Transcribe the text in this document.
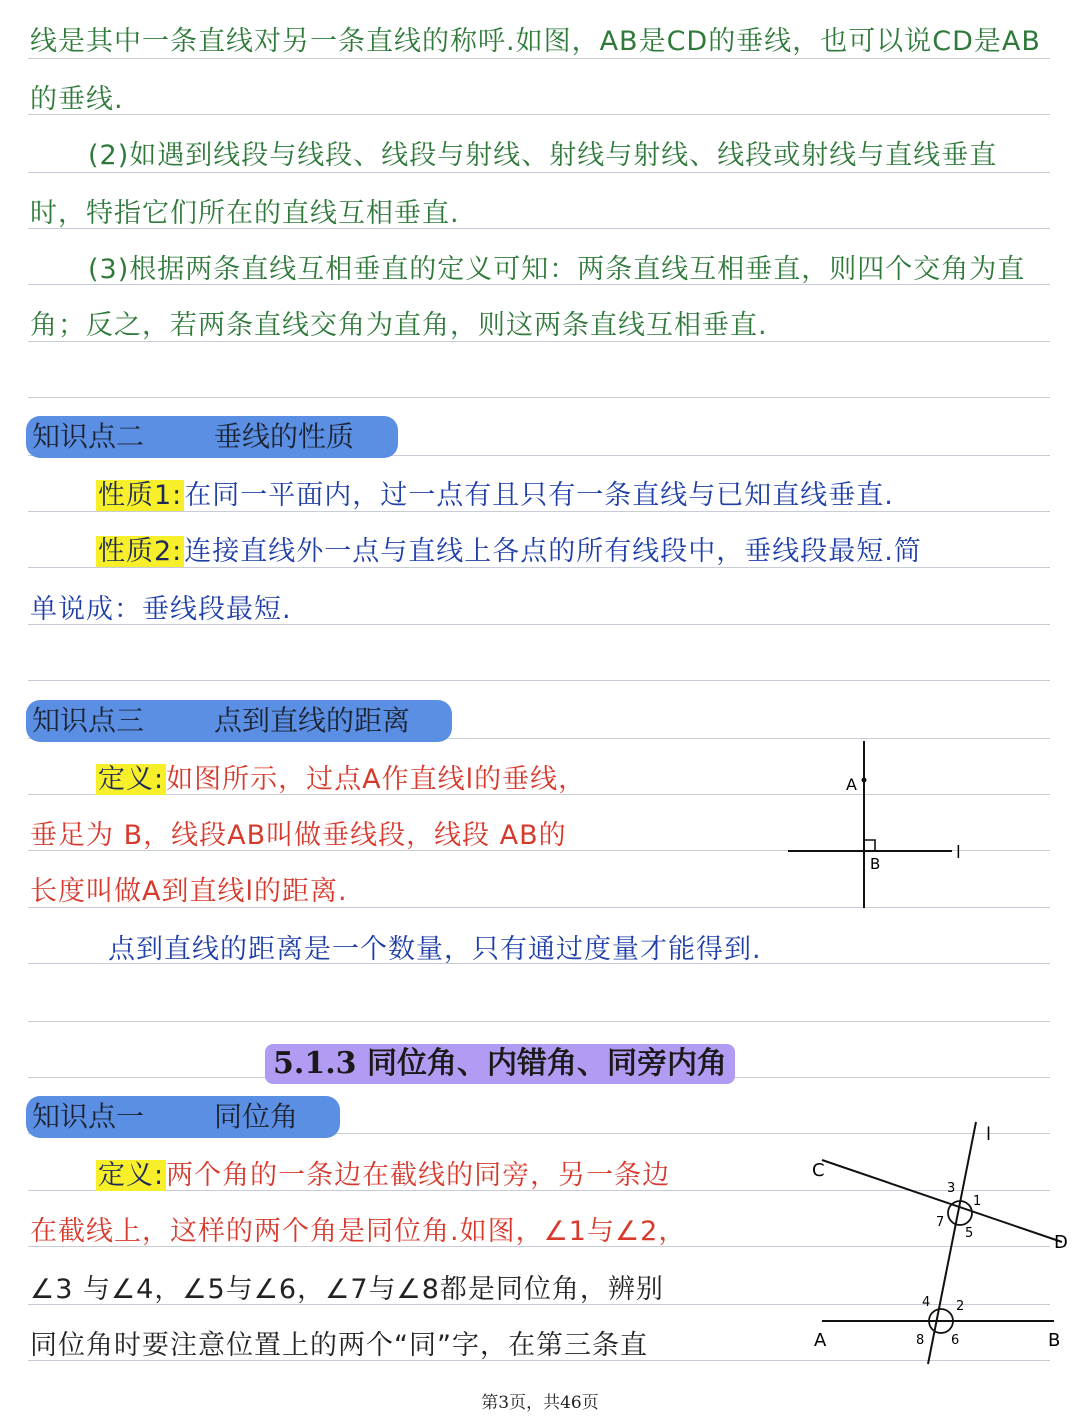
线是其中一条直线对另一条直线的称呼.如图，AB是CD的垂线，也可以说CD是AB
的垂线.
(2)如遇到线段与线段、线段与射线、射线与射线、线段或射线与直线垂直
时，特指它们所在的直线互相垂直.
(3)根据两条直线互相垂直的定义可知：两条直线互相垂直，则四个交角为直
角；反之，若两条直线交角为直角，则这两条直线互相垂直.
知识点二	垂线的性质
性质1:在同一平面内，过一点有且只有一条直线与已知直线垂直.
性质2:连接直线外一点与直线上各点的所有线段中，垂线段最短.简
单说成：垂线段最短.
知识点三	点到直线的距离
定义:如图所示，过点A作直线l的垂线，
垂足为 B，线段AB叫做垂线段，线段 AB的
长度叫做A到直线l的距离.
点到直线的距离是一个数量，只有通过度量才能得到.
A
B
l
5.1.3 同位角、内错角、同旁内角
知识点一	同位角
定义:两个角的一条边在截线的同旁，另一条边
在截线上，这样的两个角是同位角.如图，∠1与∠2，
∠3 与∠4，∠5与∠6，∠7与∠8都是同位角，辨别
同位角时要注意位置上的两个“同”字，在第三条直
l
C
D
A	B
1
2
3
4
5
6
7
8
第3页，共46页
